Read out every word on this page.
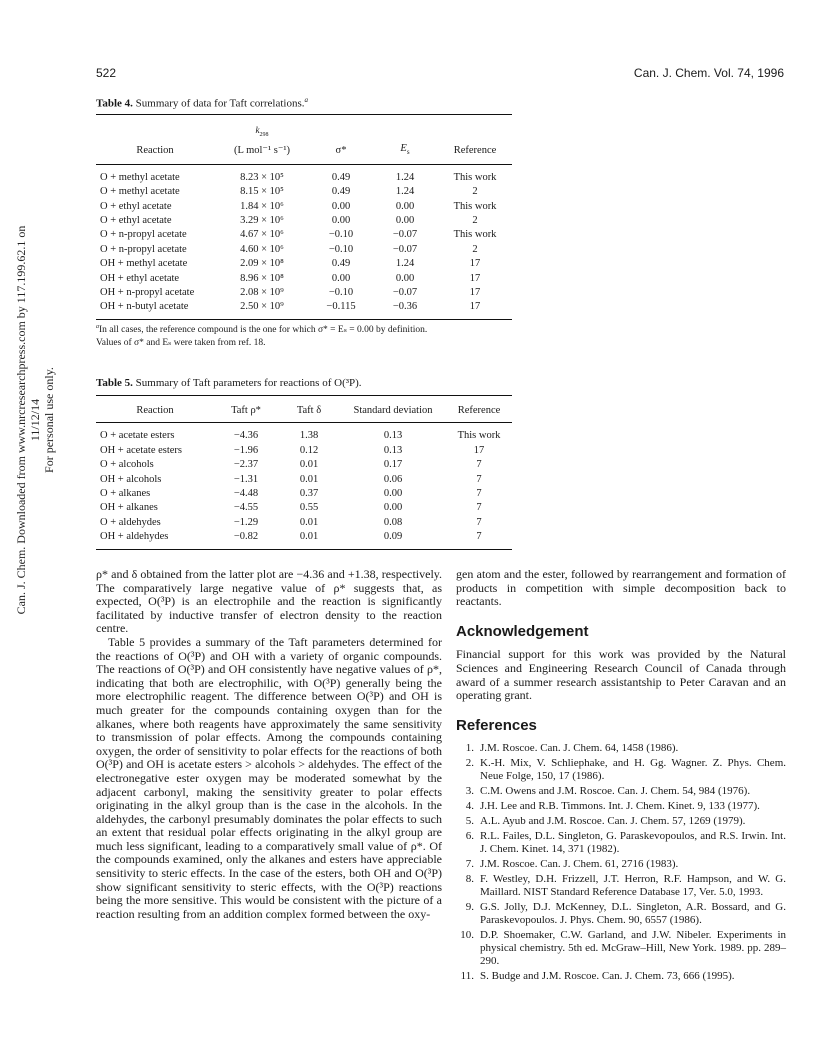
522	Can. J. Chem. Vol. 74, 1996
Can. J. Chem. Downloaded from www.nrcresearchpress.com by 117.199.62.1 on 11/12/14 For personal use only.
Table 4. Summary of data for Taft correlations.$^a$
	$k_{298}$			
Reaction	(L mol⁻¹ s⁻¹)	σ*	$E_s$	Reference
O + methyl acetate	8.23 × 10⁵	0.49	1.24	This work
O + methyl acetate	8.15 × 10⁵	0.49	1.24	2
O + ethyl acetate	1.84 × 10⁶	0.00	0.00	This work
O + ethyl acetate	3.29 × 10⁶	0.00	0.00	2
O + n-propyl acetate	4.67 × 10⁶	−0.10	−0.07	This work
O + n-propyl acetate	4.60 × 10⁶	−0.10	−0.07	2
OH + methyl acetate	2.09 × 10⁸	0.49	1.24	17
OH + ethyl acetate	8.96 × 10⁸	0.00	0.00	17
OH + n-propyl acetate	2.08 × 10⁹	−0.10	−0.07	17
OH + n-butyl acetate	2.50 × 10⁹	−0.115	−0.36	17
$^a$In all cases, the reference compound is the one for which σ* = Eₛ = 0.00 by definition.
Values of σ* and Eₛ were taken from ref. 18.
Table 5. Summary of Taft parameters for reactions of O(³P).
Reaction	Taft ρ*	Taft δ	Standard deviation	Reference
O + acetate esters	−4.36	1.38	0.13	This work
OH + acetate esters	−1.96	0.12	0.13	17
O + alcohols	−2.37	0.01	0.17	7
OH + alcohols	−1.31	0.01	0.06	7
O + alkanes	−4.48	0.37	0.00	7
OH + alkanes	−4.55	0.55	0.00	7
O + aldehydes	−1.29	0.01	0.08	7
OH + aldehydes	−0.82	0.01	0.09	7

ρ* and δ obtained from the latter plot are −4.36 and +1.38, respectively. The comparatively large negative value of ρ* suggests that, as expected, O(³P) is an electrophile and the reaction is significantly facilitated by inductive transfer of electron density to the reaction centre.

Table 5 provides a summary of the Taft parameters determined for the reactions of O(³P) and OH with a variety of organic compounds. The reactions of O(³P) and OH consistently have negative values of ρ*, indicating that both are electrophilic, with O(³P) generally being the more electrophilic reagent. The difference between O(³P) and OH is much greater for the compounds containing oxygen than for the alkanes, where both reagents have approximately the same sensitivity to transmission of polar effects. Among the compounds containing oxygen, the order of sensitivity to polar effects for the reactions of both O(³P) and OH is acetate esters > alcohols > aldehydes. The effect of the electronegative ester oxygen may be moderated somewhat by the adjacent carbonyl, making the sensitivity greater to polar effects originating in the alkyl group than is the case in the alcohols. In the aldehydes, the carbonyl presumably dominates the polar effects to such an extent that residual polar effects originating in the alkyl group are much less significant, leading to a comparatively small value of ρ*. Of the compounds examined, only the alkanes and esters have appreciable sensitivity to steric effects. In the case of the esters, both OH and O(³P) show significant sensitivity to steric effects, with the O(³P) reactions being the more sensitive. This would be consistent with the picture of a reaction resulting from an addition complex formed between the oxy-

gen atom and the ester, followed by rearrangement and formation of products in competition with simple decomposition back to reactants.

Acknowledgement

Financial support for this work was provided by the Natural Sciences and Engineering Research Council of Canada through award of a summer research assistantship to Peter Caravan and an operating grant.

References
1. J.M. Roscoe. Can. J. Chem. 64, 1458 (1986).
2. K.-H. Mix, V. Schliephake, and H. Gg. Wagner. Z. Phys. Chem. Neue Folge, 150, 17 (1986).
3. C.M. Owens and J.M. Roscoe. Can. J. Chem. 54, 984 (1976).
4. J.H. Lee and R.B. Timmons. Int. J. Chem. Kinet. 9, 133 (1977).
5. A.L. Ayub and J.M. Roscoe. Can. J. Chem. 57, 1269 (1979).
6. R.L. Failes, D.L. Singleton, G. Paraskevopoulos, and R.S. Irwin. Int. J. Chem. Kinet. 14, 371 (1982).
7. J.M. Roscoe. Can. J. Chem. 61, 2716 (1983).
8. F. Westley, D.H. Frizzell, J.T. Herron, R.F. Hampson, and W. G. Maillard. NIST Standard Reference Database 17, Ver. 5.0, 1993.
9. G.S. Jolly, D.J. McKenney, D.L. Singleton, A.R. Bossard, and G. Paraskevopoulos. J. Phys. Chem. 90, 6557 (1986).
10. D.P. Shoemaker, C.W. Garland, and J.W. Nibeler. Experiments in physical chemistry. 5th ed. McGraw–Hill, New York. 1989. pp. 289–290.
11. S. Budge and J.M. Roscoe. Can. J. Chem. 73, 666 (1995).
